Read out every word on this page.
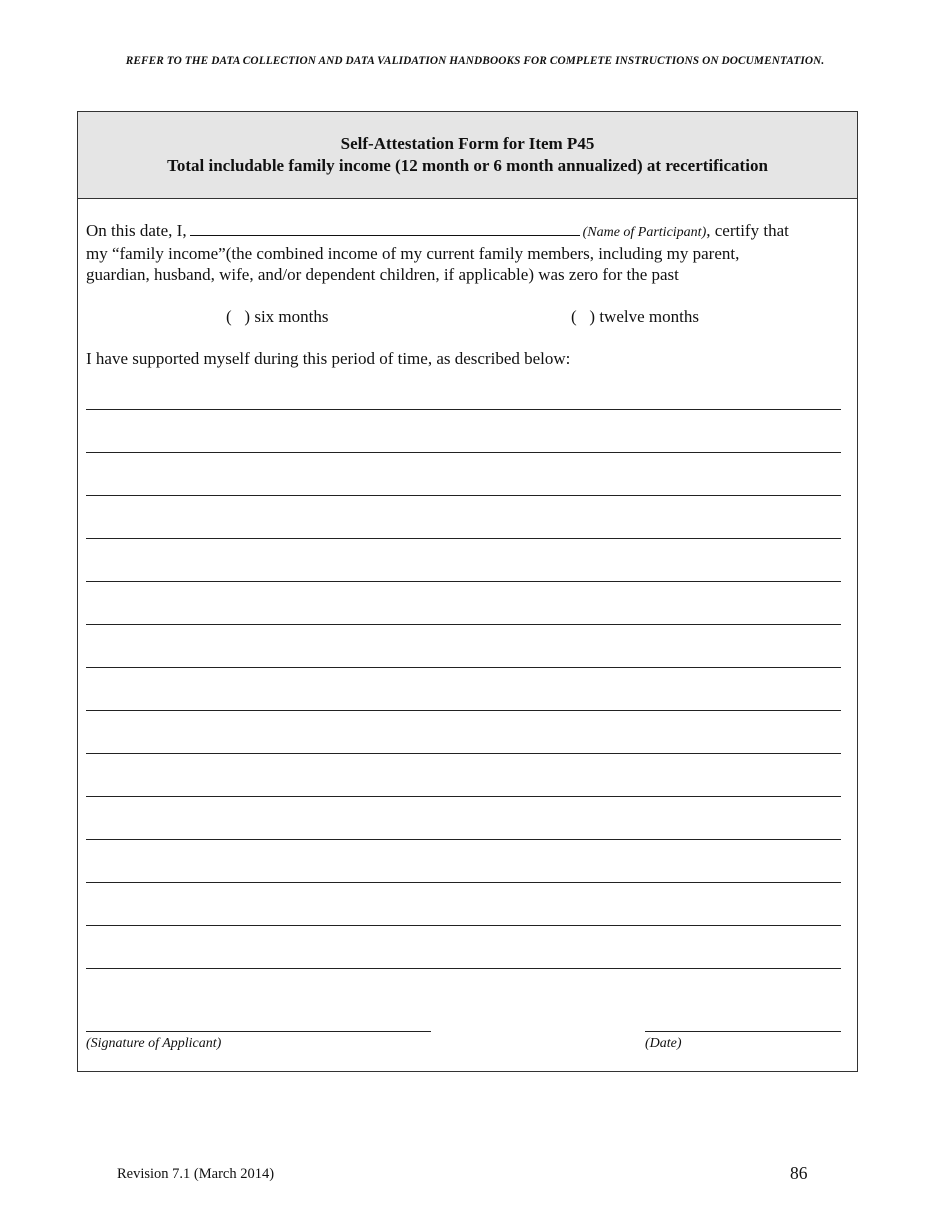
REFER TO THE DATA COLLECTION AND DATA VALIDATION HANDBOOKS FOR COMPLETE INSTRUCTIONS ON DOCUMENTATION.
Self-Attestation Form for Item P45
Total includable family income (12 month or 6 month annualized) at recertification
On this date, I,	(Name of Participant), certify that
my “family income”(the combined income of my current family members, including my parent,
guardian, husband, wife, and/or dependent children, if applicable) was zero for the past
( ) six months	( ) twelve months
I have supported myself during this period of time, as described below:
(Signature of Applicant)	(Date)
Revision 7.1 (March 2014)	86
